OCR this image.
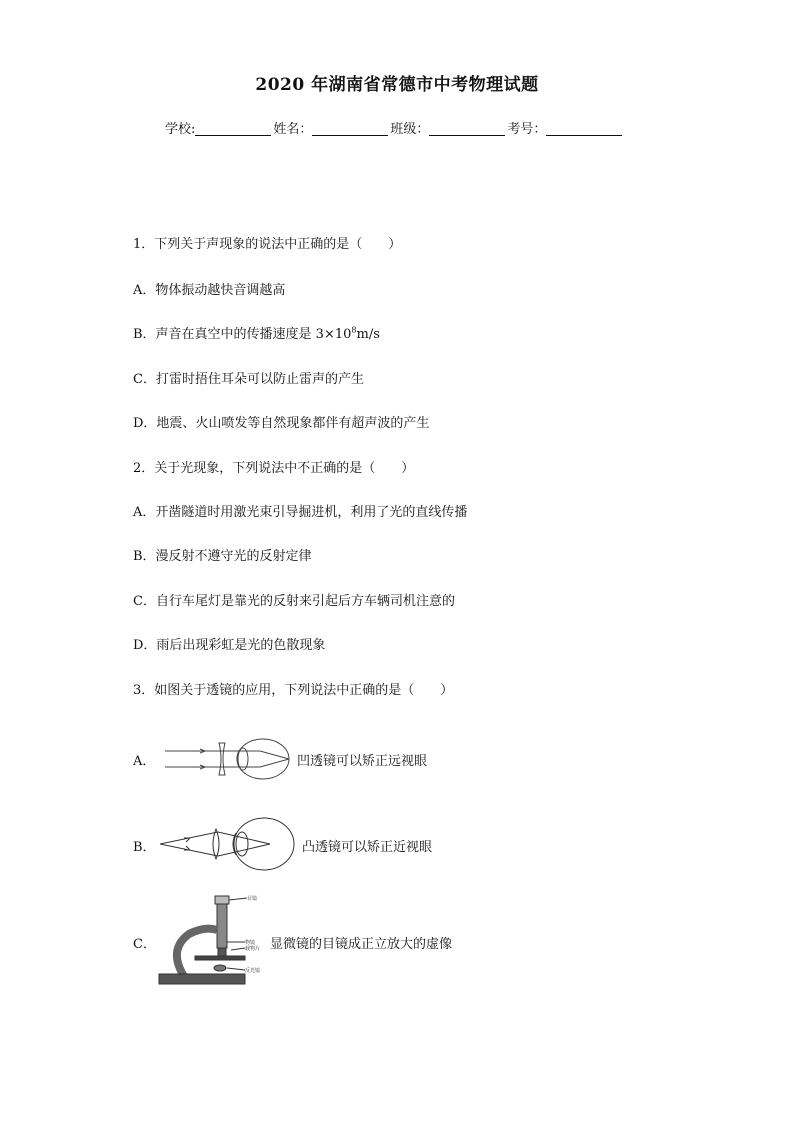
2020 年湖南省常德市中考物理试题
学校:	姓名：	班级：	考号：
1．下列关于声现象的说法中正确的是（　　）
A．物体振动越快音调越高
B．声音在真空中的传播速度是 $3\times 10^8m/s$
C．打雷时捂住耳朵可以防止雷声的产生
D．地震、火山喷发等自然现象都伴有超声波的产生
2．关于光现象，下列说法中不正确的是（　　）
A．开凿隧道时用激光束引导掘进机，利用了光的直线传播
B．漫反射不遵守光的反射定律
C．自行车尾灯是靠光的反射来引起后方车辆司机注意的
D．雨后出现彩虹是光的色散现象
3．如图关于透镜的应用，下列说法中正确的是（　　）
A．	凹透镜可以矫正远视眼
B．	凸透镜可以矫正近视眼
C．
目镜
物镜
载物片
反光镜
显微镜的目镜成正立放大的虚像
